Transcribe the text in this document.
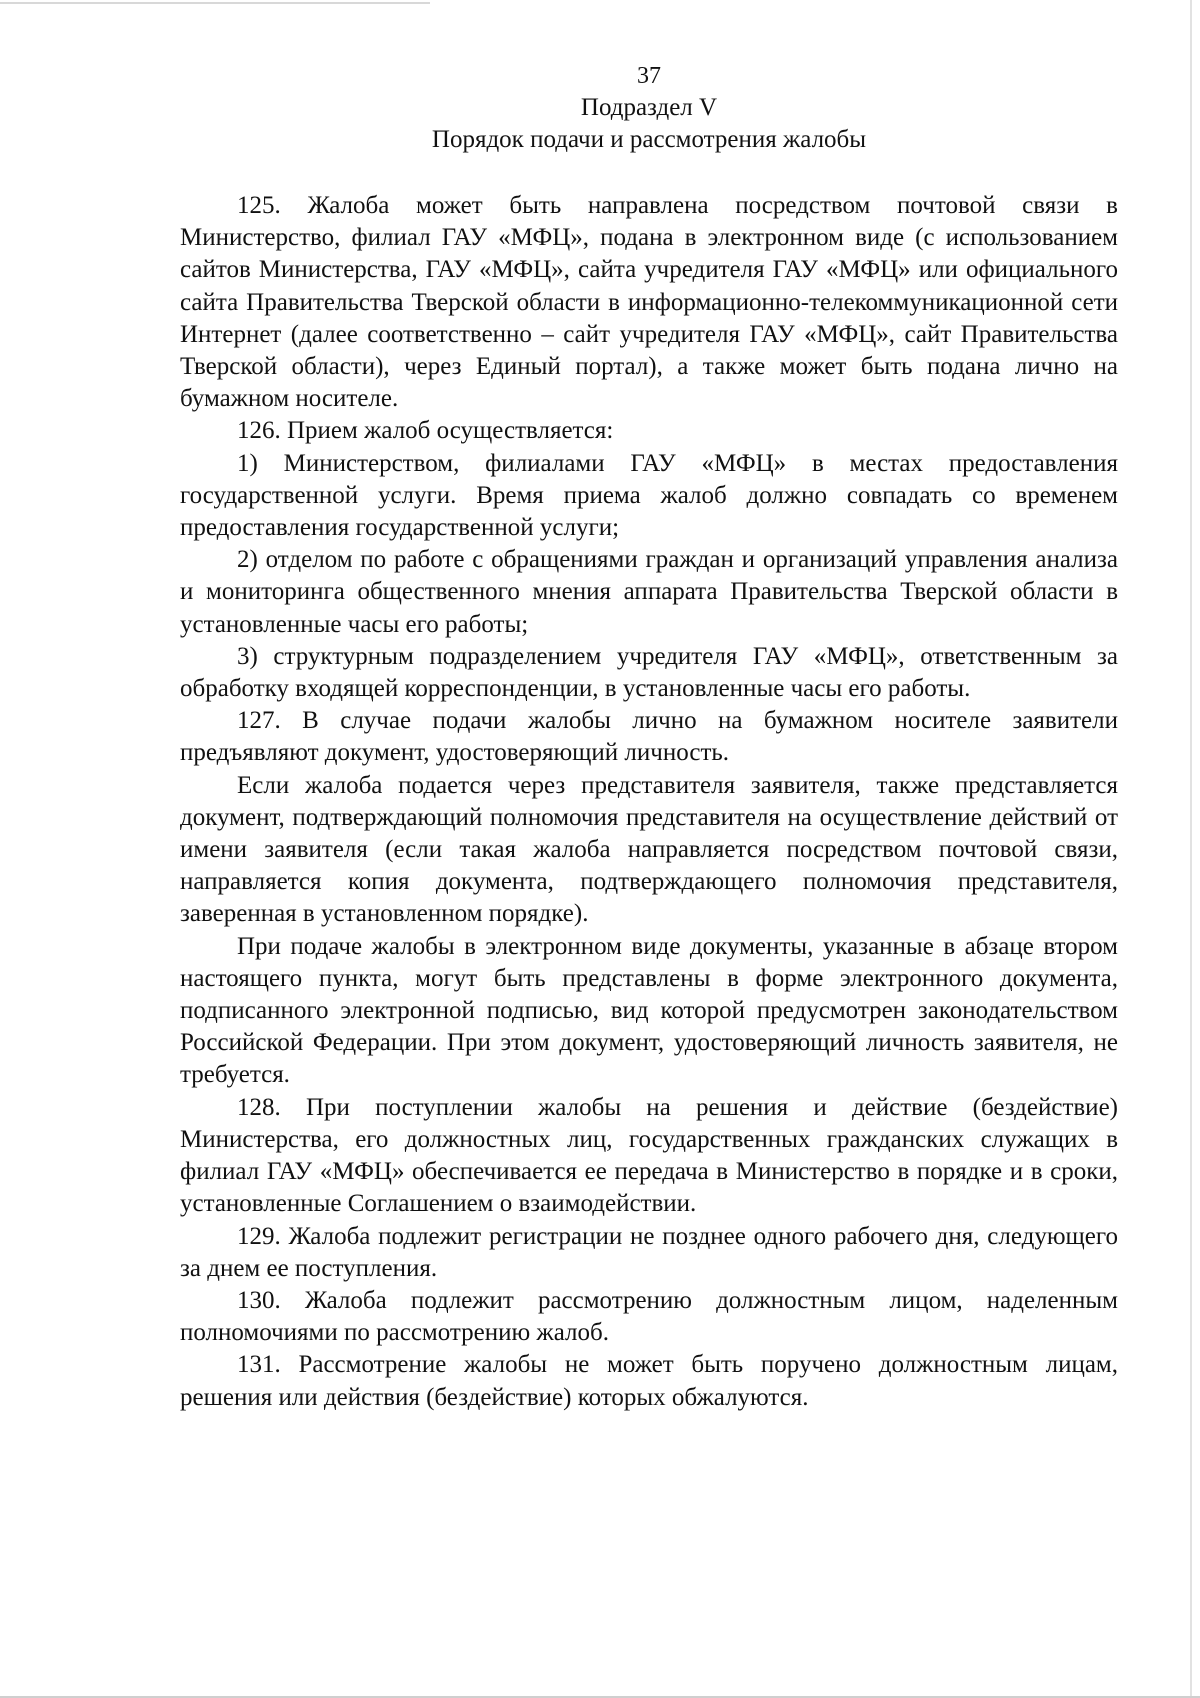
37

Подраздел V

Порядок подачи и рассмотрения жалобы

125. Жалоба может быть направлена посредством почтовой связи в Министерство, филиал ГАУ «МФЦ», подана в электронном виде (с использованием сайтов Министерства, ГАУ «МФЦ», сайта учредителя ГАУ «МФЦ» или официального сайта Правительства Тверской области в информационно-телекоммуникационной сети Интернет (далее соответственно – сайт учредителя ГАУ «МФЦ», сайт Правительства Тверской области), через Единый портал), а также может быть подана лично на бумажном носителе.

126. Прием жалоб осуществляется:

1) Министерством, филиалами ГАУ «МФЦ» в местах предоставления государственной услуги. Время приема жалоб должно совпадать со временем предоставления государственной услуги;

2) отделом по работе с обращениями граждан и организаций управления анализа и мониторинга общественного мнения аппарата Правительства Тверской области в установленные часы его работы;

3) структурным подразделением учредителя ГАУ «МФЦ», ответственным за обработку входящей корреспонденции, в установленные часы его работы.

127. В случае подачи жалобы лично на бумажном носителе заявители предъявляют документ, удостоверяющий личность.

Если жалоба подается через представителя заявителя, также представляется документ, подтверждающий полномочия представителя на осуществление действий от имени заявителя (если такая жалоба направляется посредством почтовой связи, направляется копия документа, подтверждающего полномочия представителя, заверенная в установленном порядке).

При подаче жалобы в электронном виде документы, указанные в абзаце втором настоящего пункта, могут быть представлены в форме электронного документа, подписанного электронной подписью, вид которой предусмотрен законодательством Российской Федерации. При этом документ, удостоверяющий личность заявителя, не требуется.

128. При поступлении жалобы на решения и действие (бездействие) Министерства, его должностных лиц, государственных гражданских служащих в филиал ГАУ «МФЦ» обеспечивается ее передача в Министерство в порядке и в сроки, установленные Соглашением о взаимодействии.

129. Жалоба подлежит регистрации не позднее одного рабочего дня, следующего за днем ее поступления.

130. Жалоба подлежит рассмотрению должностным лицом, наделенным полномочиями по рассмотрению жалоб.

131. Рассмотрение жалобы не может быть поручено должностным лицам, решения или действия (бездействие) которых обжалуются.
